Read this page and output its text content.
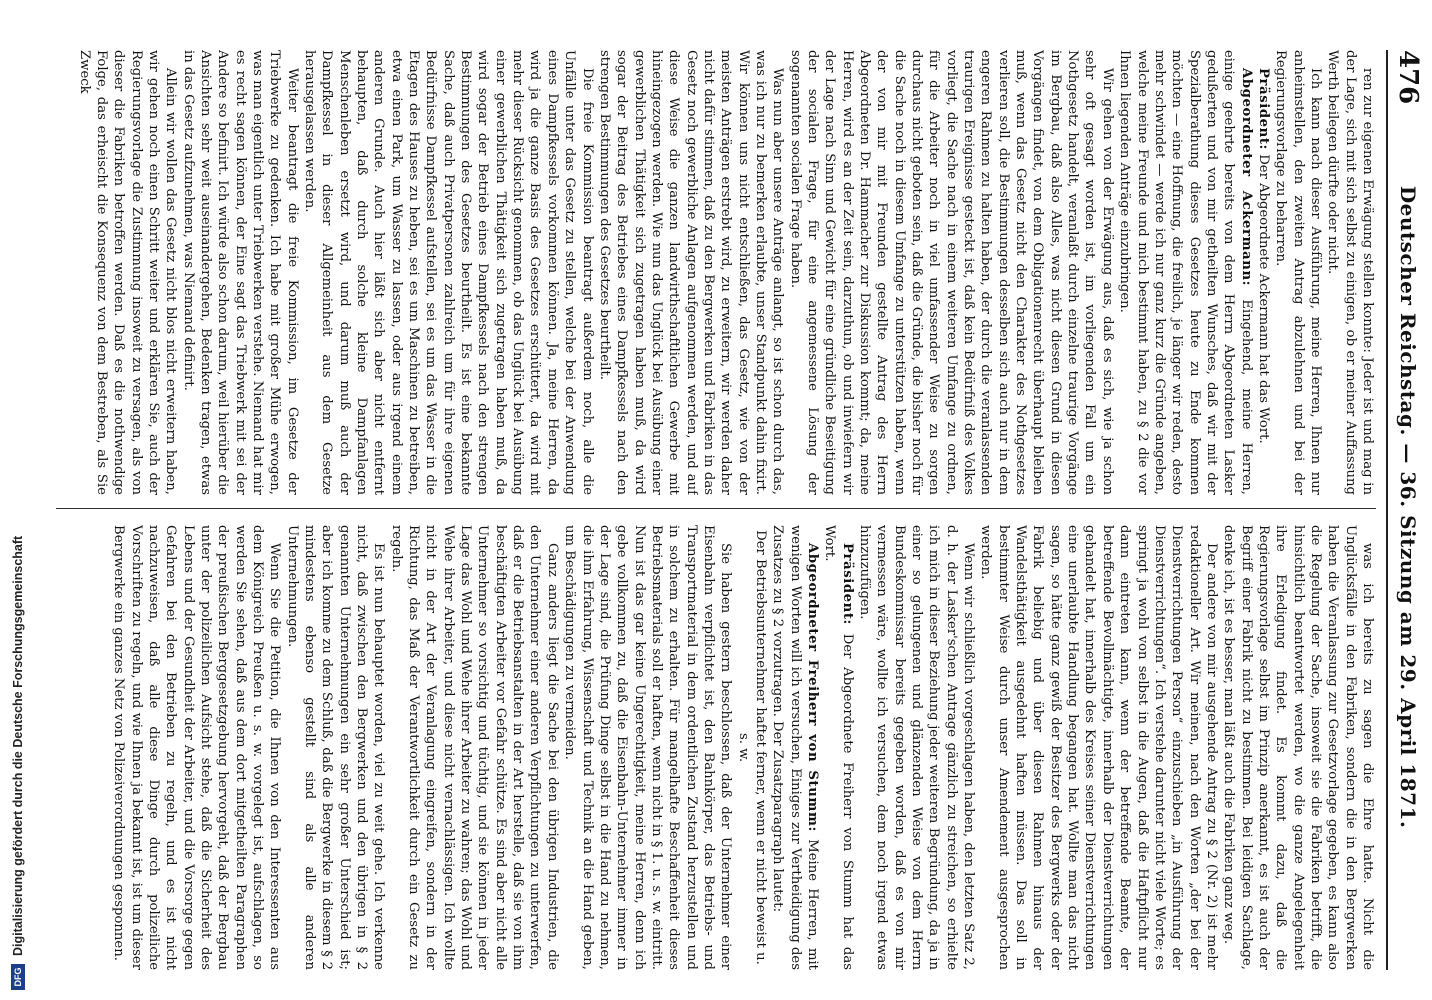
DFG
Digitalisierung gefördert durch die Deutsche Forschungsgemeinschaft
476
Deutscher Reichstag. — 36. Sitzung am 29. April 1871.

ren zur eigenen Erwägung stellen konnte: Jeder ist und mag in der Lage, sich mit sich selbst zu einigen, ob er meiner Auffassung Werth beilegen dürfte oder nicht.

Ich kann nach dieser Ausführung, meine Herren, Ihnen nur anheimstellen, den zweiten Antrag abzulehnen und bei der Regierungsvorlage zu beharren.

Präsident: Der Abgeordnete Ackermann hat das Wort.

Abgeordneter Ackermann: Eingehend, meine Herren, einige geehrte bereits von dem Herrn Abgeordneten Lasker gedußerten und von mir getheilten Wunsches, daß wir mit der Spezialberathung dieses Gesetzes heute zu Ende kommen möchten — eine Hoffnung, die freilich, je länger wir reden, desto mehr schwindet — werde ich nur ganz kurz die Gründe angeben, welche meine Freunde und mich bestimmt haben, zu § 2 die vor Ihnen liegenden Anträge einzubringen.

Wir gehen von der Erwägung aus, daß es sich, wie ja schon sehr oft gesagt worden ist, im vorliegenden Fall um ein Nothgesetz handelt, veranlaßt durch einzelne traurige Vorgänge im Bergbau, daß also Alles, was nicht diesen Grund in diesen Vorgängen findet, von dem Obligationenrecht überhaupt bleiben muß, wenn das Gesetz nicht den Charakter des Nothgesetzes verlieren soll, die Bestimmungen desselben sich auch nur in dem engeren Rahmen zu halten haben, der durch die veranlassenden traurigen Ereignisse gesteckt ist, daß kein Bedürfniß des Volkes vorliegt, die Sache nach in einem weiteren Umfange zu ordnen, für die Arbeiter noch in viel umfassender Weise zu sorgen durchaus nicht geboten sein, daß die Gründe, die bisher noch für die Sache noch in diesem Umfange zu unterstützen haben, wenn der von mir mit Freunden gestellte Antrag des Herrn Abgeordneten Dr. Hammacher zur Diskussion kommt; da, meine Herren, wird es an der Zeit sein, darzuthun, ob und inwiefern wir der Lage nach Sinn und Gewicht für eine gründliche Beseitigung der socialen Frage, für eine angemessene Lösung der sogenannten socialen Frage haben.

Was nun aber unsere Anträge anlangt, so ist schon durch das, was ich nur zu bemerken erlaubte, unser Standpunkt dahin fixirt. Wir können uns nicht entschließen, das Gesetz, wie von der meisten Anträgen erstrebt wird, zu erweitern, wir werden daher nicht dafür stimmen, daß zu den Bergwerken und Fabriken in das Gesetz noch gewerbliche Anlagen aufgenommen werden, und auf diese Weise die ganzen landwirthschaftlichen Gewerbe mit hineingezogen werden. Wie nun das Unglück bei Ausübung einer gewerblichen Thätigkeit sich zugetragen haben muß, da wird sogar der Beitrag des Betriebes eines Dampfkessels nach den strengen Bestimmungen des Gesetzes beurtheilt.

Die freie Kommission beantragt außerdem noch, alle die Unfälle unter das Gesetz zu stellen, welche bei der Anwendung eines Dampfkessels vorkommen können. Ja, meine Herren, da wird ja die ganze Basis des Gesetzes erschüttert, da wird mit mehr dieser Rücksicht genommen, ob das Unglück bei Ausübung einer gewerblichen Thätigkeit sich zugetragen haben muß, da wird sogar der Betrieb eines Dampfkessels nach den strengen Bestimmungen des Gesetzes beurtheilt. Es ist eine bekannte Sache, daß auch Privatpersonen zahlreich um für ihre eigenen Bedürfnisse Dampfkessel aufstellen, sei es um das Wasser in die Etagen des Hauses zu heben, sei es um Maschinen zu betreiben, etwa einen Park, um Wasser zu lassen, oder aus irgend einem anderen Grunde. Auch hier läßt sich aber nicht entfernt behaupten, daß durch solche kleine Dampfanlagen Menschenleben ersetzt wird, und darum muß auch der Dampfkessel in dieser Allgemeinheit aus dem Gesetze herausgelassen werden.

Weiter beantragt die freie Kommission, im Gesetze der Triebwerke zu gedenken. Ich habe mit großer Mühe erwogen, was man eigentlich unter Triebwerken verstehe. Niemand hat mir es recht sagen können, der Eine sagt das Triebwerk mit sei der Andere so befinirt. Ich würde also schon darum, weil hierüber die Ansichten sehr weit auseinandergehen, Bedenken tragen, etwas in das Gesetz aufzunehmen, was Niemand definirt.

Allein wir wollen das Gesetz nicht blos nicht erweitern haben, wir gehen noch einen Schritt weiter und erklären Sie, auch der Regierungsvorlage die Zustimmung insoweit zu versagen, als von dieser die Fabriken betroffen werden. Daß es die nothwendige Folge, das erheischt die Konsequenz von dem Bestreben, als Sie Zweck

was ich bereits zu sagen die Ehre hatte. Nicht die Unglücksfälle in den Fabriken, sondern die in den Bergwerken haben die Veranlassung zur Gesetzvorlage gegeben, es kann also die Regelung der Sache, insoweit sie die Fabriken betrifft, die hinsichtlich beantwortet werden, wo die ganze Angelegenheit ihre Erledigung findet. Es kommt dazu, daß die Regierungsvorlage selbst im Prinzip anerkannt, es ist auch der Begriff einer Fabrik nicht zu bestimmen. Bei leidigen Sachlage, denke ich, ist es besser, man läßt auch die Fabriken ganz weg.

Der andere von mir ausgehende Antrag zu § 2 (Nr. 2) ist mehr redaktioneller Art. Wir meinen, nach den Worten „der bei der Dienstverrichtungen Person“ einzuschieben „in Ausführung der Dienstverrichtungen“. Ich verstehe darunter nicht viele Worte; es springt ja wohl von selbst in die Augen, daß die Haftpflicht nur dann eintreten kann, wenn der betreffende Beamte, der betreffende Bevollmächtigte, innerhalb der Dienstverrichtungen gehandelt hat, innerhalb des Kreises seiner Dienstverrichtungen eine unerlaubte Handlung begangen hat. Wollte man das nicht sagen, so hätte ganz gewiß der Besitzer des Bergwerks oder der Fabrik beliebig und über diesen Rahmen hinaus der Wandelsthätigkeit ausgedehnt haften müssen. Das soll in bestimmter Weise durch unser Amendement ausgesprochen werden.

Wenn wir schließlich vorgeschlagen haben, den letzten Satz 2, d. h. der Lasker'schen Antrage gänzlich zu streichen, so erhielte ich mich in dieser Beziehung jeder weiteren Begründung, da ja in einer so gelungenen und glänzenden Weise von dem Herrn Bundeskommissar bereits gegeben worden, daß es von mir vermessen wäre, wollte ich versuchen, dem noch irgend etwas hinzuzufügen.

Präsident: Der Abgeordnete Freiherr von Stumm hat das Wort.

Abgeordneter Freiherr von Stumm: Meine Herren, mit wenigen Worten will ich versuchen, Einiges zur Vertheidigung des Zusatzes zu § 2 vorzutragen. Der Zusatzparagraph lautet:

Der Betriebsunternehmer haftet ferner, wenn er nicht beweist u. s. w.

Sie haben gestern beschlossen, daß der Unternehmer einer Eisenbahn verpflichtet ist, den Bahnkörper, das Betriebs- und Transportmaterial in dem ordentlichen Zustand herzustellen und in solchem zu erhalten. Für mangelhafte Beschaffenheit dieses Betriebsmaterials soll er haften, wenn nicht in § 1. u. s. w. eintritt. Nun ist das gar keine Ungerechtigkeit, meine Herren, denn ich gebe vollkommen zu, daß die Eisenbahn-Unternehmer immer in der Lage sind, die Prüfung Dinge selbst in die Hand zu nehmen, die ihm Erfahrung, Wissenschaft und Technik an die Hand geben, um Beschädigungen zu vermeiden.

Ganz anders liegt die Sache bei den übrigen Industrien, die den Unternehmer einer anderen Verpflichtungen zu unterwerfen, daß er die Betriebsanstalten in der Art herstelle, daß sie von ihm beschäftigten Arbeiter vor Gefahr schütze. Es sind aber nicht alle Unternehmer so vorsichtig und tüchtig, und sie können in jeder Lage das Wohl und Wehe ihrer Arbeiter zu wahren; das Wohl und Wehe ihrer Arbeiter, und diese nicht vernachlässigen. Ich wollte nicht in der Art der Veranlagung eingreifen, sondern in der Richtung, das Maß der Verantwortlichkeit durch ein Gesetz zu regeln.

Es ist nun behauptet worden, viel zu weit gehe. Ich verkenne nicht, daß zwischen den Bergwerken und den übrigen in § 2 genannten Unternehmungen ein sehr großer Unterschied ist; aber ich komme zu dem Schluß, daß die Bergwerke in diesem § 2 mindestens ebenso gestellt sind als alle anderen Unternehmungen.

Wenn Sie die Petition, die Ihnen von den Interessenten aus dem Königreich Preußen u. s. w. vorgelegt ist, aufschlagen, so werden Sie sehen, daß aus dem dort mitgetheilten Paragraphen der preußischen Berggesetzgebung hervorgeht, daß der Bergbau unter der polizeilichen Aufsicht stehe, daß die Sicherheit des Lebens und der Gesundheit der Arbeiter, und die Vorsorge gegen Gefahren bei den Betrieben zu regeln, und es ist nicht nachzuweisen, daß alle diese Dinge durch polizeiliche Vorschriften zu regeln, und wie Ihnen ja bekannt ist, ist um dieser Bergwerke ein ganzes Netz von Polizeiverordnungen gesponnen.
